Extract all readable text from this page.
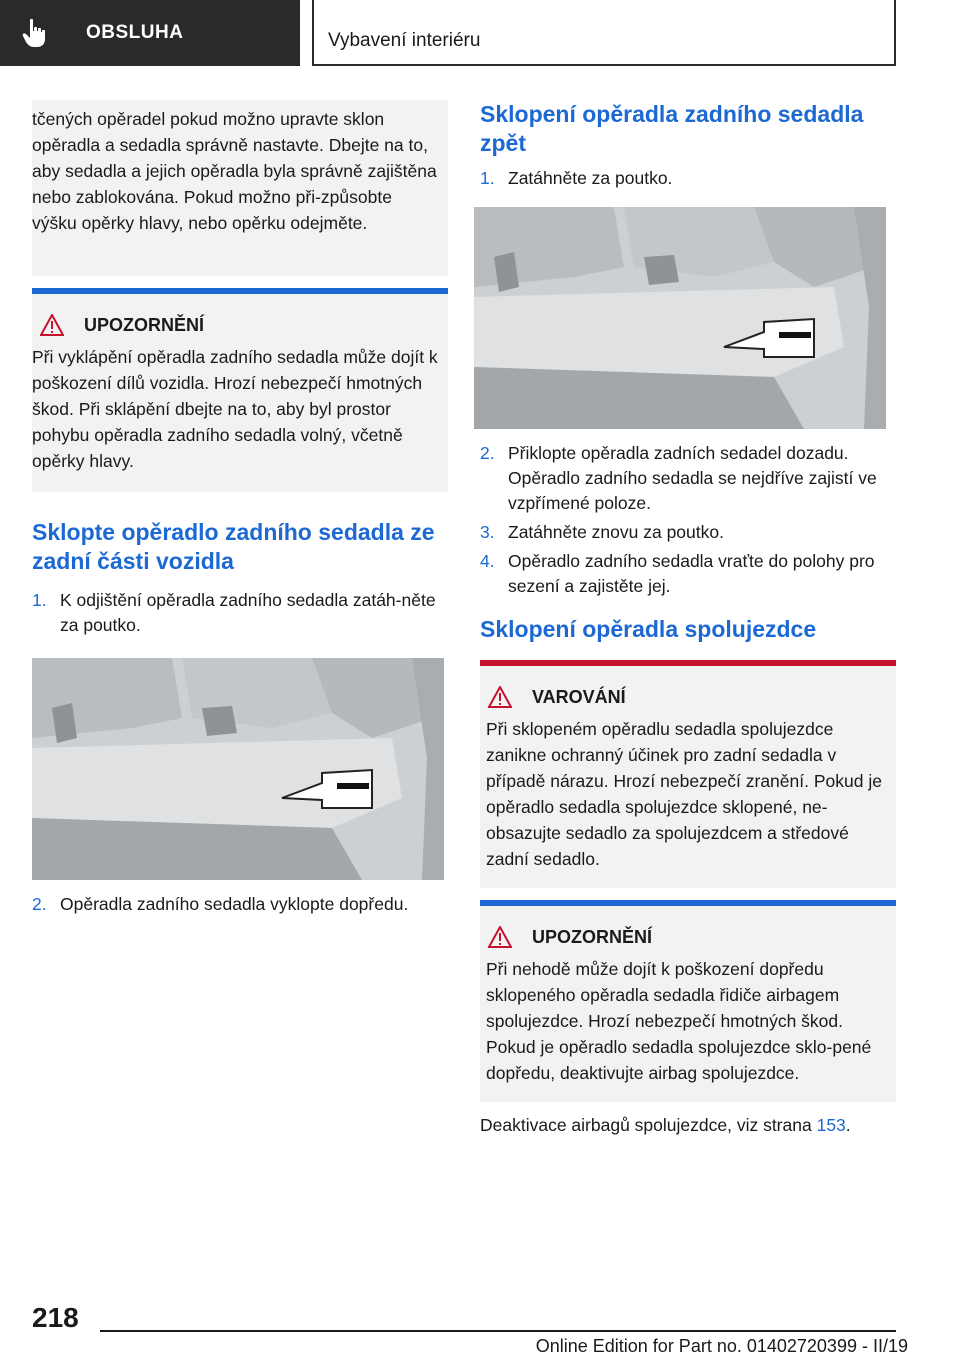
OBSLUHA	Vybavení interiéru

tčených opěradel pokud možno upravte sklon opěradla a sedadla správně nastavte. Dbejte na to, aby sedadla a jejich opěradla byla správně zajištěna nebo zablokována. Pokud možno při‐způsobte výšku opěrky hlavy, nebo opěrku odejměte.

UPOZORNĚNÍ

Při vyklápění opěradla zadního sedadla může dojít k poškození dílů vozidla. Hrozí nebezpečí hmotných škod. Při sklápění dbejte na to, aby byl prostor pohybu opěradla zadního sedadla volný, včetně opěrky hlavy.

Sklopte opěradlo zadního sedadla ze zadní části vozidla
1. K odjištění opěradla zadního sedadla zatáh‐něte za poutko.
2. Opěradla zadního sedadla vyklopte dopředu.
Sklopení opěradla zadního sedadla zpět
1. Zatáhněte za poutko.
2. Přiklopte opěradla zadních sedadel dozadu. Opěradlo zadního sedadla se nejdříve zajistí ve vzpřímené poloze.
3. Zatáhněte znovu za poutko.
4. Opěradlo zadního sedadla vraťte do polohy pro sezení a zajistěte jej.
Sklopení opěradla spolujezdce
VAROVÁNÍ

Při sklopeném opěradlu sedadla spolujezdce zanikne ochranný účinek pro zadní sedadla v případě nárazu. Hrozí nebezpečí zranění. Pokud je opěradlo sedadla spolujezdce sklopené, ne‐obsazujte sedadlo za spolujezdcem a středové zadní sedadlo.

UPOZORNĚNÍ

Při nehodě může dojít k poškození dopředu sklopeného opěradla sedadla řidiče airbagem spolujezdce. Hrozí nebezpečí hmotných škod. Pokud je opěradlo sedadla spolujezdce sklo‐pené dopředu, deaktivujte airbag spolujezdce.

Deaktivace airbagů spolujezdce, viz strana 153.

218
Online Edition for Part no. 01402720399 - II/19
